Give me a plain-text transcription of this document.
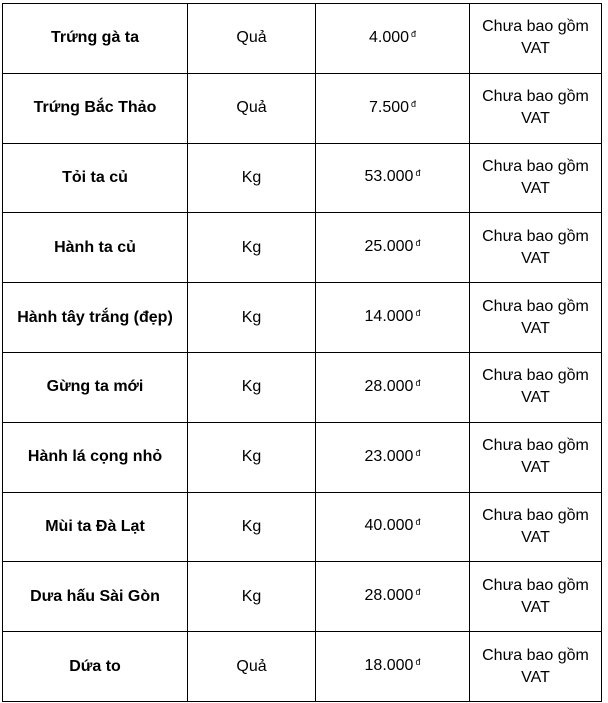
Trứng gà ta	Quả	4.000 $^đ$	Chưa bao gồm VAT
Trứng Bắc Thảo	Quả	7.500 $^đ$	Chưa bao gồm VAT
Tỏi ta củ	Kg	53.000 $^đ$	Chưa bao gồm VAT
Hành ta củ	Kg	25.000 $^đ$	Chưa bao gồm VAT
Hành tây trắng (đẹp)	Kg	14.000 $^đ$	Chưa bao gồm VAT
Gừng ta mới	Kg	28.000 $^đ$	Chưa bao gồm VAT
Hành lá cọng nhỏ	Kg	23.000 $^đ$	Chưa bao gồm VAT
Mùi ta Đà Lạt	Kg	40.000 $^đ$	Chưa bao gồm VAT
Dưa hấu Sài Gòn	Kg	28.000 $^đ$	Chưa bao gồm VAT
Dứa to	Quả	18.000 $^đ$	Chưa bao gồm VAT
